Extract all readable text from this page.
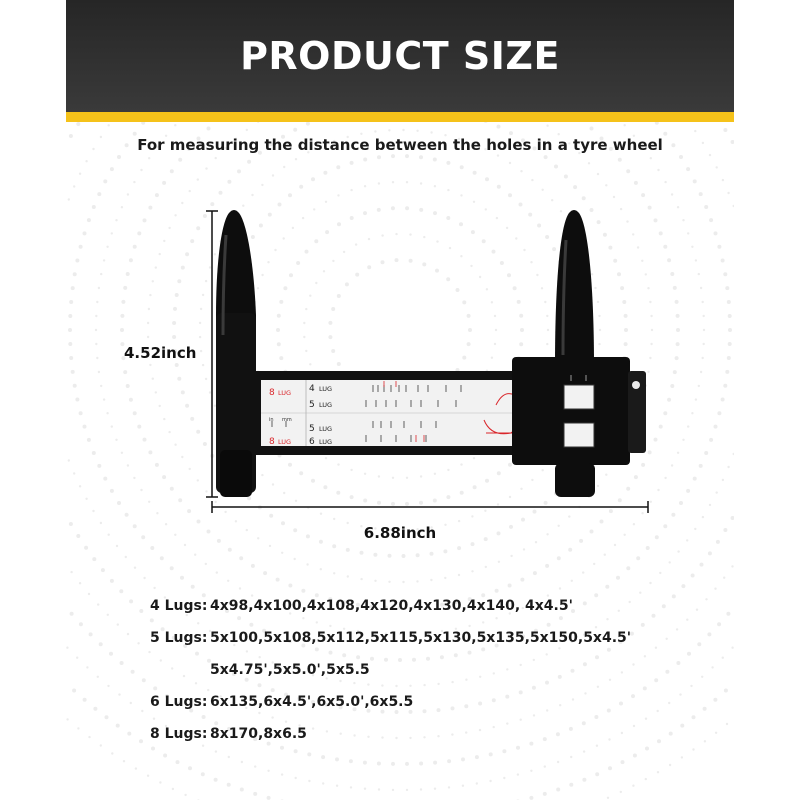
PRODUCT SIZE
For measuring the distance between the holes in a tyre wheel
8 LUG
in mm
8 LUG
4 LUG
5 LUG
5 LUG
6 LUG
4.52inch
6.88inch
4 Lugs: 4x98,4x100,4x108,4x120,4x130,4x140, 4x4.5'
5 Lugs: 5x100,5x108,5x112,5x115,5x130,5x135,5x150,5x4.5'
5x4.75',5x5.0',5x5.5
6 Lugs: 6x135,6x4.5',6x5.0',6x5.5
8 Lugs: 8x170,8x6.5
